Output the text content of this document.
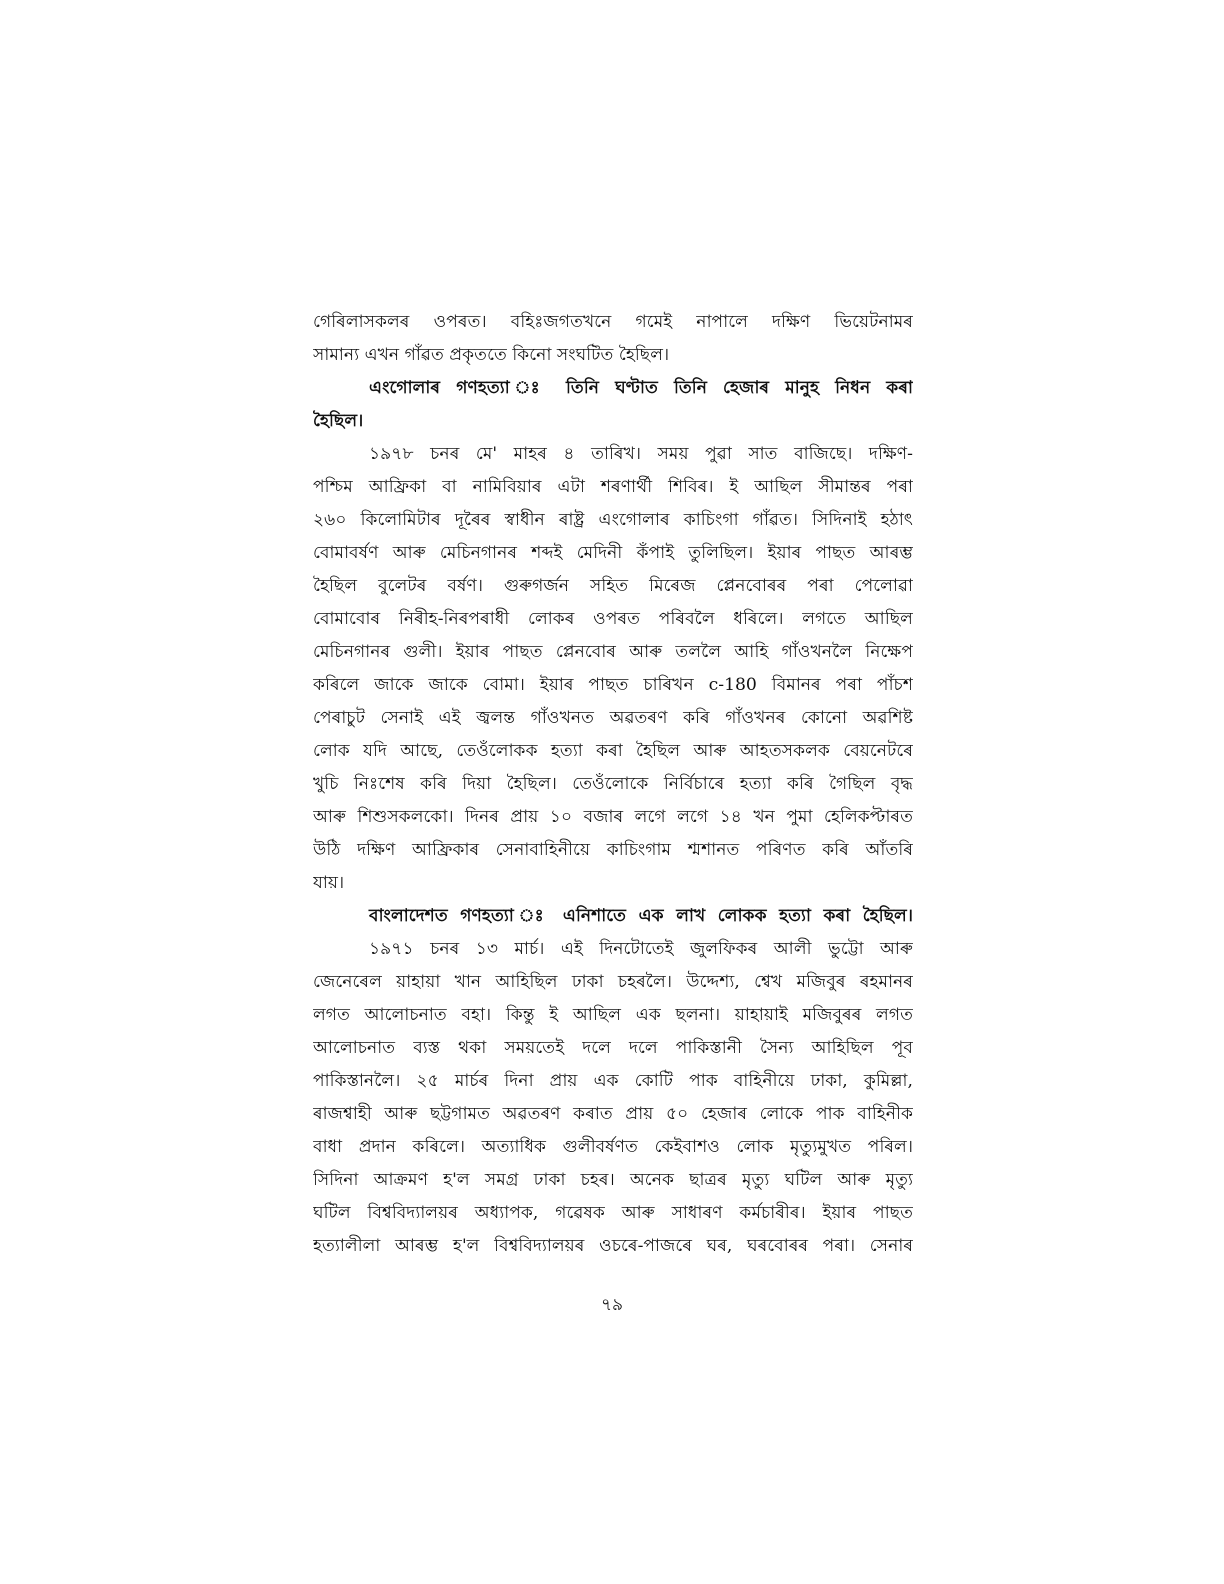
গেৰিলাসকলৰ ওপৰত। বহিঃজগতখনে গমেই নাপালে দক্ষিণ ভিয়েটনামৰ
সামান্য এখন গাঁৱত প্ৰকৃততে কিনো সংঘটিত হৈছিল।
এংগোলাৰ গণহত্যা ঃ তিনি ঘণ্টাত তিনি হেজাৰ মানুহ নিধন কৰা
হৈছিল।
১৯৭৮ চনৰ মে' মাহৰ ৪ তাৰিখ। সময় পুৱা সাত বাজিছে। দক্ষিণ-
পশ্চিম আফ্ৰিকা বা নামিবিয়াৰ এটা শৰণাৰ্থী শিবিৰ। ই আছিল সীমান্তৰ পৰা
২৬০ কিলোমিটাৰ দূৰৈৰ স্বাধীন ৰাষ্ট্ৰ এংগোলাৰ কাচিংগা গাঁৱত। সিদিনাই হঠাৎ
বোমাবৰ্ষণ আৰু মেচিনগানৰ শব্দই মেদিনী কঁপাই তুলিছিল। ইয়াৰ পাছত আৰম্ভ
হৈছিল বুলেটৰ বৰ্ষণ। গুৰুগৰ্জন সহিত মিৰেজ প্লেনবোৰৰ পৰা পেলোৱা
বোমাবোৰ নিৰীহ-নিৰপৰাধী লোকৰ ওপৰত পৰিবলৈ ধৰিলে। লগতে আছিল
মেচিনগানৰ গুলী। ইয়াৰ পাছত প্লেনবোৰ আৰু তললৈ আহি গাঁওখনলৈ নিক্ষেপ
কৰিলে জাকে জাকে বোমা। ইয়াৰ পাছত চাৰিখন c-180 বিমানৰ পৰা পাঁচশ
পেৰাচুট সেনাই এই জ্বলন্ত গাঁওখনত অৱতৰণ কৰি গাঁওখনৰ কোনো অৱশিষ্ট
লোক যদি আছে, তেওঁলোকক হত্যা কৰা হৈছিল আৰু আহতসকলক বেয়নেটৰে
খুচি নিঃশেষ কৰি দিয়া হৈছিল। তেওঁলোকে নিৰ্বিচাৰে হত্যা কৰি গৈছিল বৃদ্ধ
আৰু শিশুসকলকো। দিনৰ প্ৰায় ১০ বজাৰ লগে লগে ১৪ খন পুমা হেলিকপ্টাৰত
উঠি দক্ষিণ আফ্ৰিকাৰ সেনাবাহিনীয়ে কাচিংগাম শ্মশানত পৰিণত কৰি আঁতৰি
যায়।
বাংলাদেশত গণহত্যা ঃ এনিশাতে এক লাখ লোকক হত্যা কৰা হৈছিল।
১৯৭১ চনৰ ১৩ মাৰ্চ। এই দিনটোতেই জুলফিকৰ আলী ভুট্টো আৰু
জেনেৰেল য়াহায়া খান আহিছিল ঢাকা চহৰলৈ। উদ্দেশ্য, শ্বেখ মজিবুৰ ৰহমানৰ
লগত আলোচনাত বহা। কিন্তু ই আছিল এক ছলনা। য়াহায়াই মজিবুৰৰ লগত
আলোচনাত ব্যস্ত থকা সময়তেই দলে দলে পাকিস্তানী সৈন্য আহিছিল পূব
পাকিস্তানলৈ। ২৫ মাৰ্চৰ দিনা প্ৰায় এক কোটি পাক বাহিনীয়ে ঢাকা, কুমিল্লা,
ৰাজশ্বাহী আৰু ছট্টগামত অৱতৰণ কৰাত প্ৰায় ৫০ হেজাৰ লোকে পাক বাহিনীক
বাধা প্ৰদান কৰিলে। অত্যাধিক গুলীবৰ্ষণত কেইবাশও লোক মৃত্যুমুখত পৰিল।
সিদিনা আক্ৰমণ হ'ল সমগ্ৰ ঢাকা চহৰ। অনেক ছাত্ৰৰ মৃত্যু ঘটিল আৰু মৃত্যু
ঘটিল বিশ্ববিদ্যালয়ৰ অধ্যাপক, গৱেষক আৰু সাধাৰণ কৰ্মচাৰীৰ। ইয়াৰ পাছত
হত্যালীলা আৰম্ভ হ'ল বিশ্ববিদ্যালয়ৰ ওচৰে-পাজৰে ঘৰ, ঘৰবোৰৰ পৰা। সেনাৰ
৭৯
